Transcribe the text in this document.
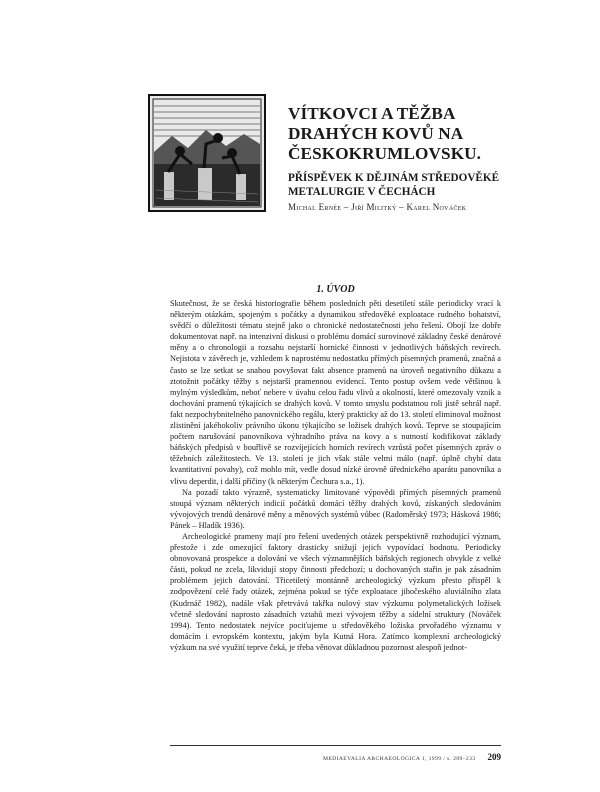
VÍTKOVCI A TĚŽBA DRAHÝCH KOVŮ NA ČESKOKRUMLOVSKU.
PŘÍSPĚVEK K DĚJINÁM STŘEDOVĚKÉ METALURGIE V ČECHÁCH
Michal Ernée – Jiří Militký – Karel Nováček
1. ÚVOD

Skutečnost, že se česká historiografie během posledních pěti desetiletí stále periodicky vrací k některým otázkám, spojeným s počátky a dynamikou středověké exploatace rudného bohatství, svědčí o důležitosti tématu stejně jako o chronické nedostatečnosti jeho řešení. Obojí lze dobře dokumentovat např. na intenzivní diskusi o problému domácí surovinové základny české denárové měny a o chronologii a rozsahu nejstarší hornické činnosti v jednotlivých báňských revírech. Nejistota v závěrech je, vzhledem k naprostému nedostatku přímých písemných pramenů, značná a často se lze setkat se snahou povyšovat fakt absence pramenů na úroveň negativního důkazu a ztotožnit počátky těžby s nejstarší pramennou evidencí. Tento postup ovšem vede většinou k mylným výsledkům, neboť nebere v úvahu celou řadu vlivů a okolností, které omezovaly vznik a dochování pramenů týkajících se drahých kovů. V tomto smyslu podstatnou roli jistě sehrál např. fakt nezpochybnitelného panovnického regálu, který prakticky až do 13. století eliminoval možnost zlistinění jakéhokoliv právního úkonu týkajícího se ložisek drahých kovů. Teprve se stoupajícím počtem narušování panovníkova výhradního práva na kovy a s nutností kodifikovat základy báňských předpisů v bouřlivě se rozvíjejících horních revírech vzrůstá počet písemných zpráv o těžebních záležitostech. Ve 13. století je jich však stále velmi málo (např. úplně chybí data kvantitativní povahy), což mohlo mít, vedle dosud nízké úrovně úřednického aparátu panovníka a vlivu deperdit, i další příčiny (k některým Čechura s.a., 1).

Na pozadí takto výrazně, systematicky limitované výpovědi přímých písemných pramenů stoupá význam některých indicií počátků domácí těžby drahých kovů, získaných sledováním vývojových trendů denárové měny a měnových systémů vůbec (Radoměrský 1973; Hásková 1986; Pánek – Hladík 1936).

Archeologické prameny mají pro řešení uvedených otázek perspektivně rozhodující význam, přestože i zde omezující faktory drasticky snižují jejich vypovídací hodnotu. Periodicky obnovovaná prospekce a dolování ve všech významnějších báňských regionech obvykle z velké části, pokud ne zcela, likvidují stopy činnosti předchozí; u dochovaných stařin je pak zásadním problémem jejich datování. Třicetiletý montánně archeologický výzkum přesto přispěl k zodpovězení celé řady otázek, zejména pokud se týče exploatace jihočeského aluviálního zlata (Kudrnáč 1982), nadále však přetrvává takřka nulový stav výzkumu polymetalických ložisek včetně sledování naprosto zásadních vztahů mezi vývojem těžby a sídelní struktury (Nováček 1994). Tento nedostatek nejvíce pociťujeme u středověkého ložiska prvořadého významu v domácím i evropském kontextu, jakým byla Kutná Hora. Zatímco komplexní archeologický výzkum na své využití teprve čeká, je třeba věnovat důkladnou pozornost alespoň jednot-

MEDIAEVALIA ARCHAEOLOGICA 1, 1999 / s. 209–233 209
